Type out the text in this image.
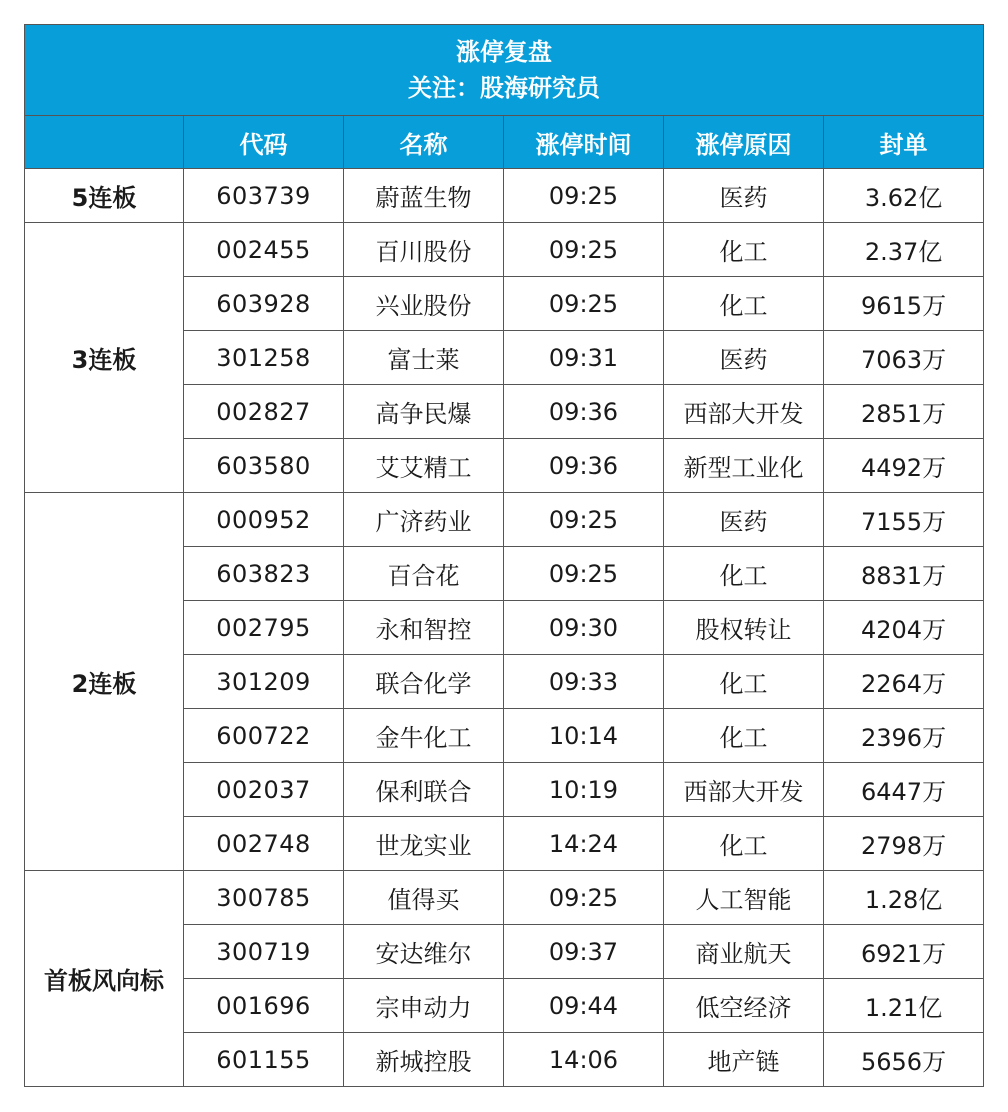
涨停复盘
关注：股海研究员					

	代码	名称	涨停时间	涨停原因	封单
5连板	603739	蔚蓝生物	09:25	医药	3.62亿
3连板	002455	百川股份	09:25	化工	2.37亿
	603928	兴业股份	09:25	化工	9615万
	301258	富士莱	09:31	医药	7063万
	002827	高争民爆	09:36	西部大开发	2851万
	603580	艾艾精工	09:36	新型工业化	4492万
2连板	000952	广济药业	09:25	医药	7155万
	603823	百合花	09:25	化工	8831万
	002795	永和智控	09:30	股权转让	4204万
	301209	联合化学	09:33	化工	2264万
	600722	金牛化工	10:14	化工	2396万
	002037	保利联合	10:19	西部大开发	6447万
	002748	世龙实业	14:24	化工	2798万
首板风向标	300785	值得买	09:25	人工智能	1.28亿
	300719	安达维尔	09:37	商业航天	6921万
	001696	宗申动力	09:44	低空经济	1.21亿
	601155	新城控股	14:06	地产链	5656万
